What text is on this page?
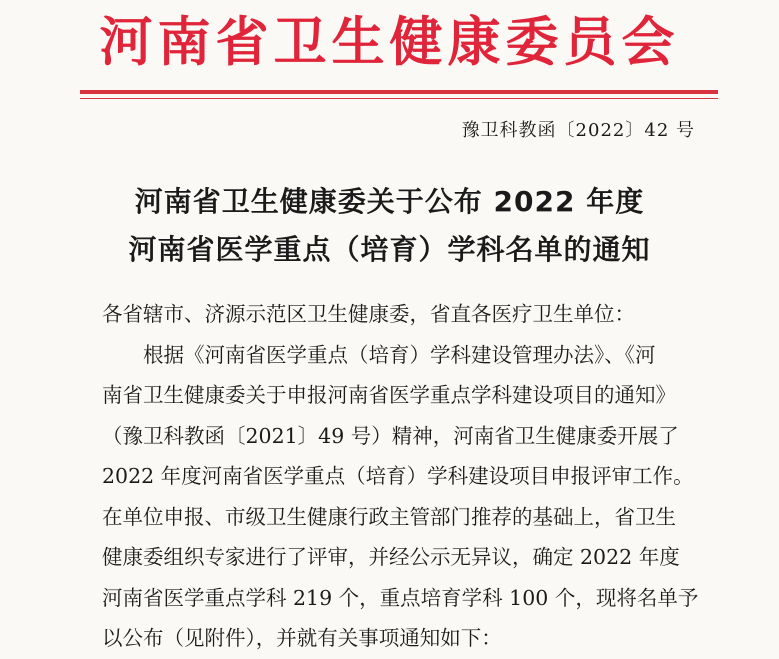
河南省卫生健康委员会
豫卫科教函〔2022〕42 号
河南省卫生健康委关于公布 2022 年度
河南省医学重点（培育）学科名单的通知
各省辖市、济源示范区卫生健康委，省直各医疗卫生单位：
根据《河南省医学重点（培育）学科建设管理办法》、《河
南省卫生健康委关于申报河南省医学重点学科建设项目的通知》
（豫卫科教函〔2021〕49 号）精神，河南省卫生健康委开展了
2022 年度河南省医学重点（培育）学科建设项目申报评审工作。
在单位申报、市级卫生健康行政主管部门推荐的基础上，省卫生
健康委组织专家进行了评审，并经公示无异议，确定 2022 年度
河南省医学重点学科 219 个，重点培育学科 100 个，现将名单予
以公布（见附件），并就有关事项通知如下：
